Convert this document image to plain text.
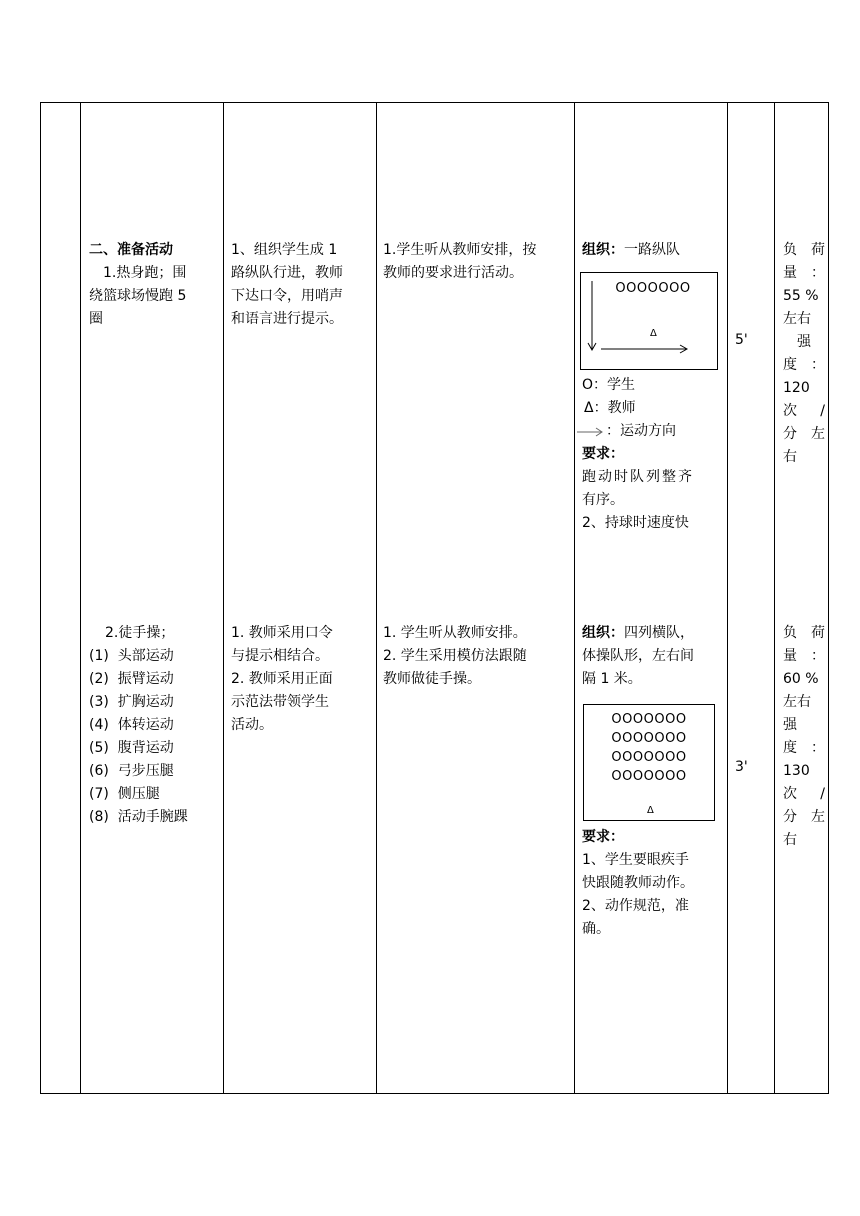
二、准备活动

1.热身跑；围

绕篮球场慢跑 5

圈

1、组织学生成 1

路纵队行进，教师

下达口令，用哨声

和语言进行提示。

1.学生听从教师安排，按

教师的要求进行活动。

组织：一路纵队

OOOOOOO
Δ

O：学生

Δ：教师

：运动方向

要求：

跑动时队列整齐

有序。

2、持球时速度快

5'

负 荷

量 ：

55 %

左右

强

度 ：

120

次 /

分 左

右

2.徒手操；

(1)  头部运动

(2)  振臂运动

(3)  扩胸运动

(4)  体转运动

(5)  腹背运动

(6)  弓步压腿

(7)  侧压腿

(8)  活动手腕踝

1. 教师采用口令

与提示相结合。

2. 教师采用正面

示范法带领学生

活动。

1. 学生听从教师安排。

2. 学生采用模仿法跟随

教师做徒手操。

组织：四列横队，

体操队形，左右间

隔 1 米。

OOOOOOO
OOOOOOO
OOOOOOO
OOOOOOO
Δ

要求：

1、学生要眼疾手

快跟随教师动作。

2、动作规范，准

确。

3'

负 荷

量 ：

60 %

左右

强

度 ：

130

次 /

分 左

右
